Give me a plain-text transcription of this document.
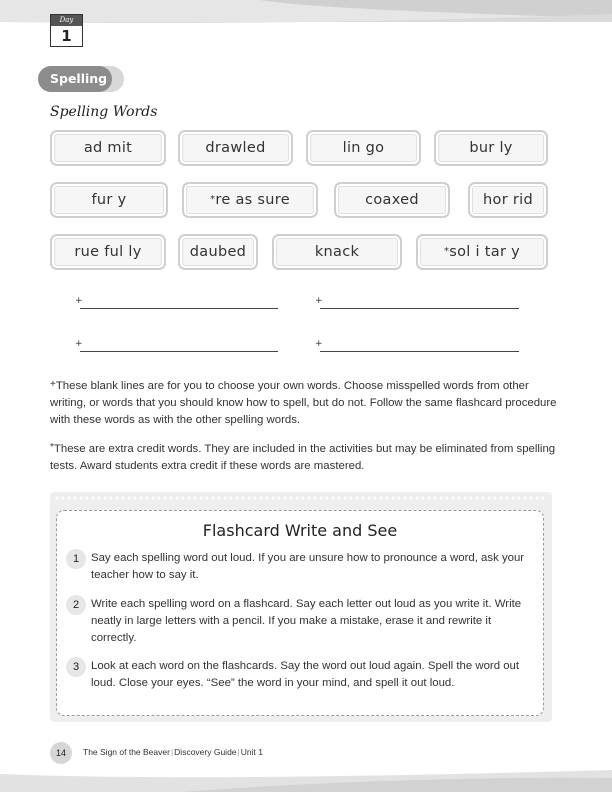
Day
1
Spelling
Spelling Words
ad mit	drawled	lin go	bur ly
fur y	*re as sure	coaxed	hor rid
rue ful ly	daubed	knack	*sol i tar y
+	+
+	+
+These blank lines are for you to choose your own words. Choose misspelled words from other writing, or words that you should know how to spell, but do not. Follow the same flashcard procedure with these words as with the other spelling words.
*These are extra credit words. They are included in the activities but may be eliminated from spelling tests. Award students extra credit if these words are mastered.
Flashcard Write and See
1	Say each spelling word out loud. If you are unsure how to pronounce a word, ask your teacher how to say it.
2	Write each spelling word on a flashcard. Say each letter out loud as you write it. Write neatly in large letters with a pencil. If you make a mistake, erase it and rewrite it correctly.
3	Look at each word on the flashcards. Say the word out loud again. Spell the word out loud. Close your eyes. “See” the word in your mind, and spell it out loud.
14	The Sign of the Beaver|Discovery Guide|Unit 1
